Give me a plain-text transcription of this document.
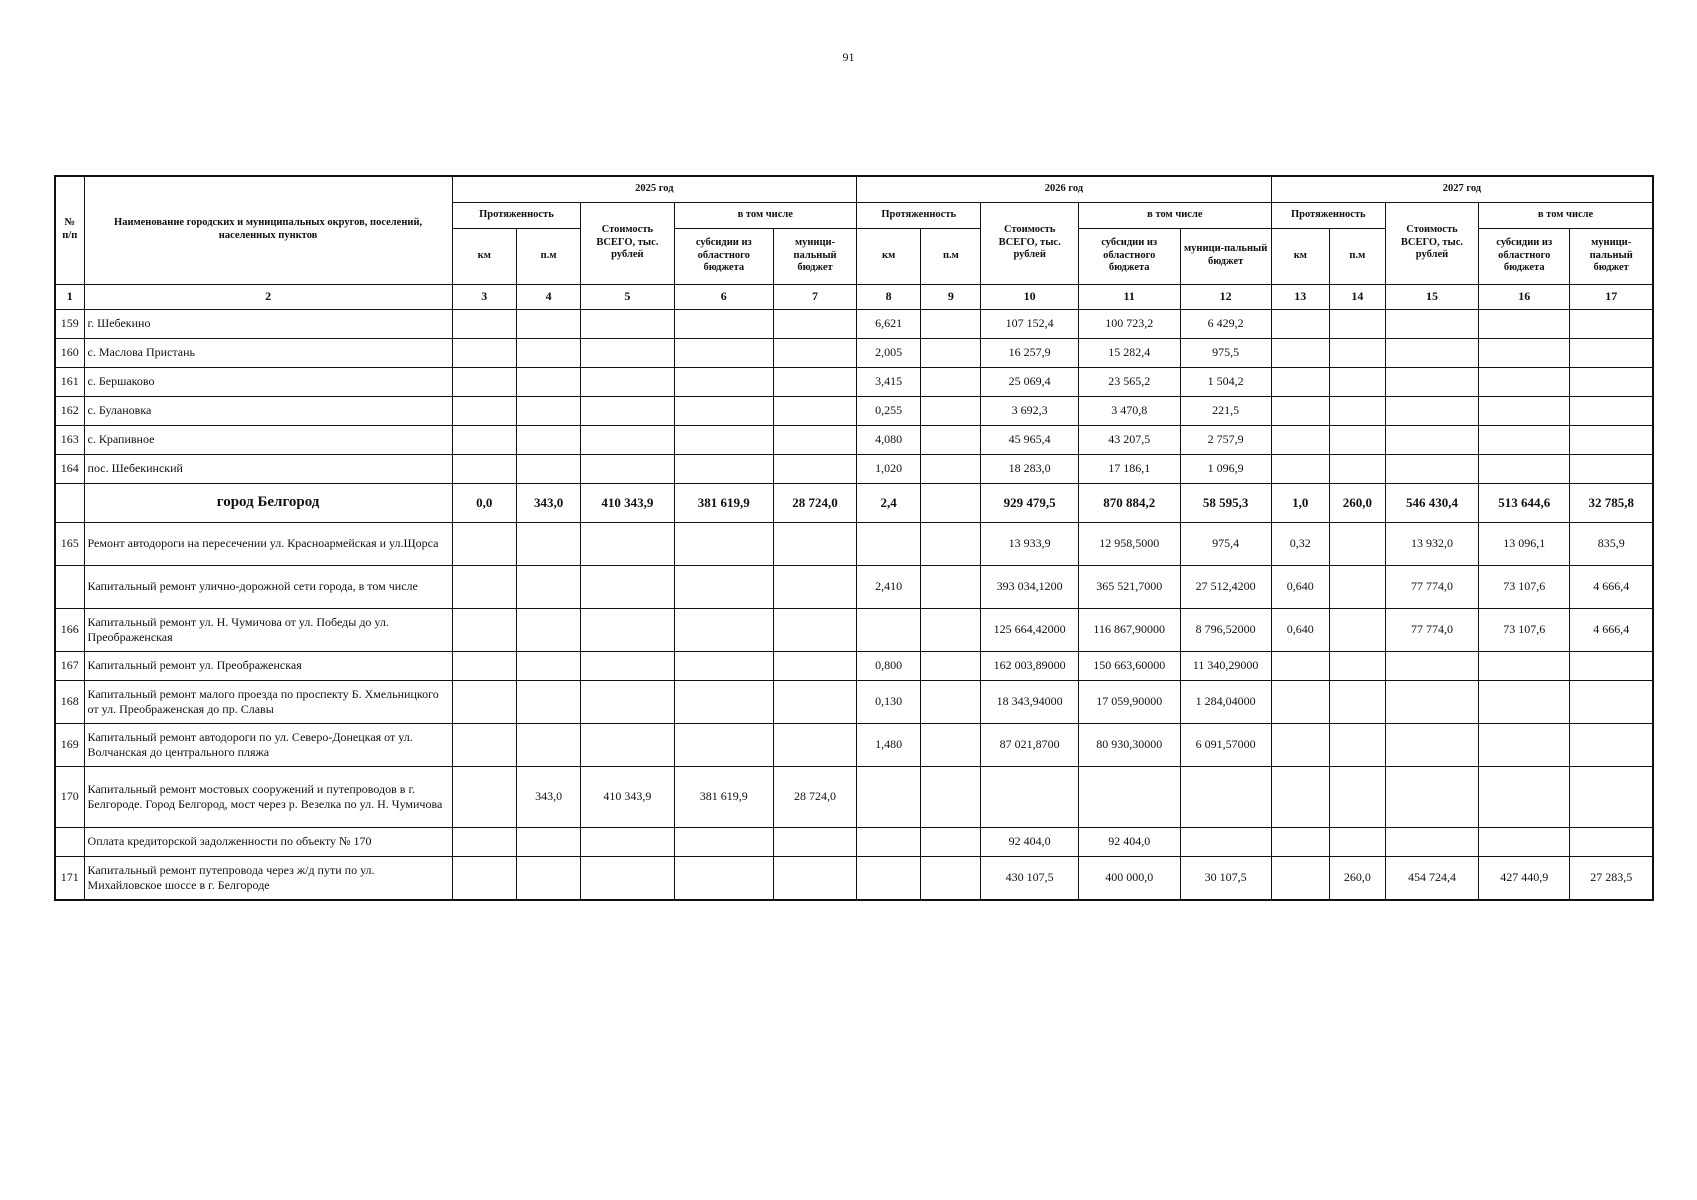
91
№ п/п	Наименование городских и муниципальных округов, поселений, населенных пунктов	2025 год					2026 год					2027 год				
		Протяженность		Стоимость ВСЕГО, тыс. рублей	в том числе		Протяженность		Стоимость ВСЕГО, тыс. рублей	в том числе		Протяженность		Стоимость ВСЕГО, тыс. рублей	в том числе	
		км	п.м		субсидии из областного бюджета	муници-пальный бюджет	км	п.м		субсидии из областного бюджета	муници-пальный бюджет	км	п.м		субсидии из областного бюджета	муници-пальный бюджет
1	2	3	4	5	6	7	8	9	10	11	12	13	14	15	16	17
159	г. Шебекино						6,621		107 152,4	100 723,2	6 429,2					
160	с. Маслова Пристань						2,005		16 257,9	15 282,4	975,5					
161	с. Бершаково						3,415		25 069,4	23 565,2	1 504,2					
162	с. Булановка						0,255		3 692,3	3 470,8	221,5					
163	с. Крапивное						4,080		45 965,4	43 207,5	2 757,9					
164	пос. Шебекинский						1,020		18 283,0	17 186,1	1 096,9					
	город Белгород	0,0	343,0	410 343,9	381 619,9	28 724,0	2,4		929 479,5	870 884,2	58 595,3	1,0	260,0	546 430,4	513 644,6	32 785,8
165	Ремонт автодороги на пересечении ул. Красноармейская и ул.Щорса								13 933,9	12 958,5000	975,4	0,32		13 932,0	13 096,1	835,9
	Капитальный ремонт улично-дорожной сети города, в том числе						2,410		393 034,1200	365 521,7000	27 512,4200	0,640		77 774,0	73 107,6	4 666,4
166	Капитальный ремонт ул. Н. Чумичова от ул. Победы до ул. Преображенская								125 664,42000	116 867,90000	8 796,52000	0,640		77 774,0	73 107,6	4 666,4
167	Капитальный ремонт ул. Преображенская						0,800		162 003,89000	150 663,60000	11 340,29000					
168	Капитальный ремонт малого проезда по проспекту Б. Хмельницкого от ул. Преображенская до пр. Славы						0,130		18 343,94000	17 059,90000	1 284,04000					
169	Капитальный ремонт автодороги по ул. Северо-Донецкая от ул. Волчанская до центрального пляжа						1,480		87 021,8700	80 930,30000	6 091,57000					
170	Капитальный ремонт мостовых сооружений и путепроводов в г. Белгороде. Город Белгород, мост через р. Везелка по ул. Н. Чумичова		343,0	410 343,9	381 619,9	28 724,0										
	Оплата кредиторской задолженности по объекту № 170								92 404,0	92 404,0						
171	Капитальный ремонт путепровода через ж/д пути по ул. Михайловское шоссе в г. Белгороде								430 107,5	400 000,0	30 107,5		260,0	454 724,4	427 440,9	27 283,5
